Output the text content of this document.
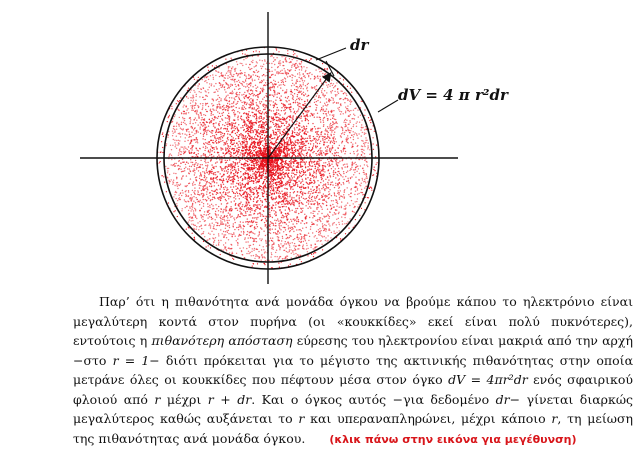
dr
dV = 4 π r²dr
Παρ’ ότι η πιθανότητα ανά μονάδα όγκου να βρούμε κάπου το ηλεκτρόνιο είναι μεγαλύτερη κοντά στον πυρήνα (οι «κουκκίδες» εκεί είναι πολύ πυκνότερες), εντούτοις η πιθανότερη απόσταση εύρεσης του ηλεκτρονίου είναι μακριά από την αρχή −στο r = 1− διότι πρόκειται για το μέγιστο της ακτινικής πιθανότητας στην οποία μετράνε όλες οι κουκκίδες που πέφτουν μέσα στον όγκο dV = 4πr²dr ενός σφαιρικού φλοιού από r μέχρι r + dr. Και ο όγκος αυτός −για δεδομένο dr− γίνεται διαρκώς μεγαλύτερος καθώς αυξάνεται το r και υπεραναπληρώνει, μέχρι κάποιο r, τη μείωση της πιθανότητας ανά μονάδα όγκου. (κλικ πάνω στην εικόνα για μεγέθυνση)
